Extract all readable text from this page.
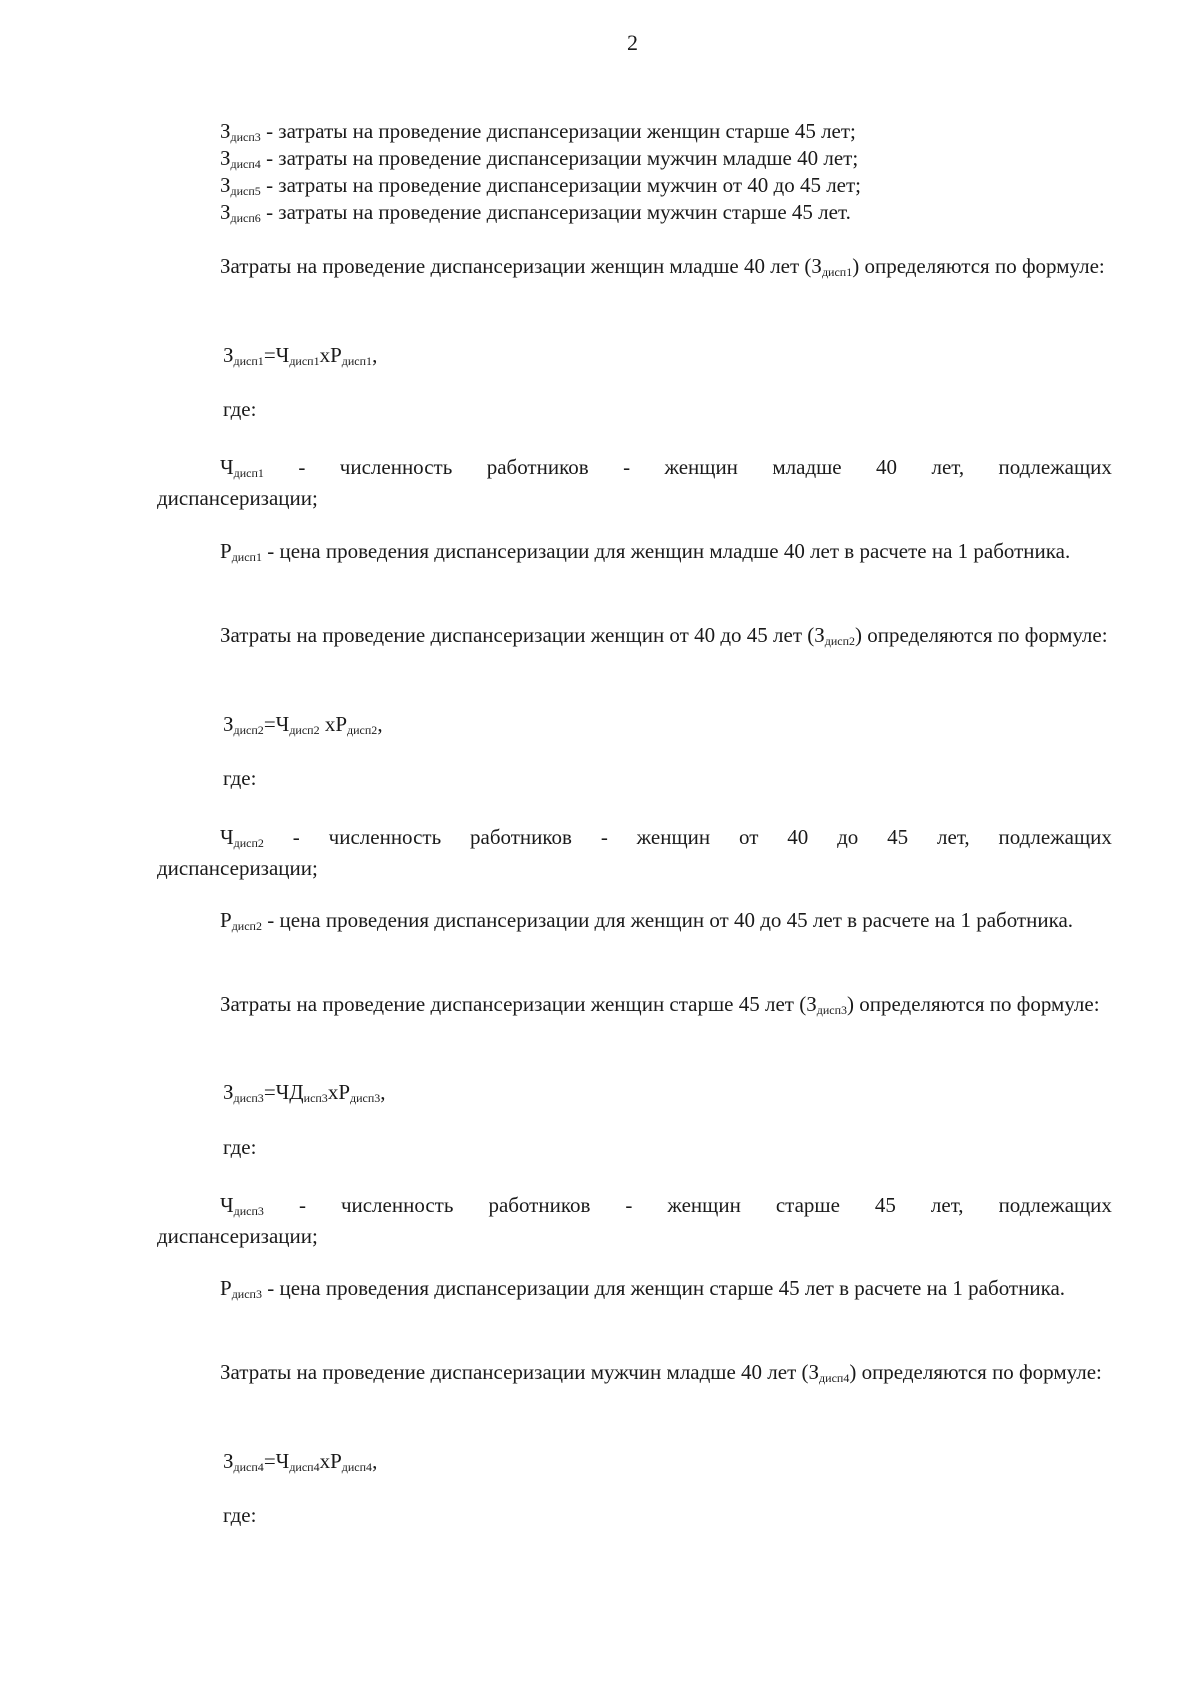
2
$З_{дисп3}$ - затраты на проведение диспансеризации женщин старше 45 лет;
$З_{дисп4}$ - затраты на проведение диспансеризации мужчин младше 40 лет;
$З_{дисп5}$ - затраты на проведение диспансеризации мужчин от 40 до 45 лет;
$З_{дисп6}$ - затраты на проведение диспансеризации мужчин старше 45 лет.
Затраты на проведение диспансеризации женщин младше 40 лет $(З_{дисп1})$ определяются по формуле:
$З_{дисп1}=Ч_{дисп1}хР_{дисп1}$,
где:
$Ч_{дисп1}$ - численность работников - женщин младше 40 лет, подлежащих
диспансеризации;
$Р_{дисп1}$ - цена проведения диспансеризации для женщин младше 40 лет в расчете на 1 работника.
Затраты на проведение диспансеризации женщин от 40 до 45 лет $(З_{дисп2})$ определяются по формуле:
$З_{дисп2}=Ч_{дисп2}$ $хР_{дисп2}$,
где:
$Ч_{дисп2}$ - численность работников - женщин от 40 до 45 лет, подлежащих
диспансеризации;
$Р_{дисп2}$ - цена проведения диспансеризации для женщин от 40 до 45 лет в расчете на 1 работника.
Затраты на проведение диспансеризации женщин старше 45 лет $(З_{дисп3})$ определяются по формуле:
$З_{дисп3}=ЧД_{исп3}хР_{дисп3}$,
где:
$Ч_{дисп3}$ - численность работников - женщин старше 45 лет, подлежащих
диспансеризации;
$Р_{дисп3}$ - цена проведения диспансеризации для женщин старше 45 лет в расчете на 1 работника.
Затраты на проведение диспансеризации мужчин младше 40 лет $(З_{дисп4})$ определяются по формуле:
$З_{дисп4}=Ч_{дисп4}хР_{дисп4}$,
где:
